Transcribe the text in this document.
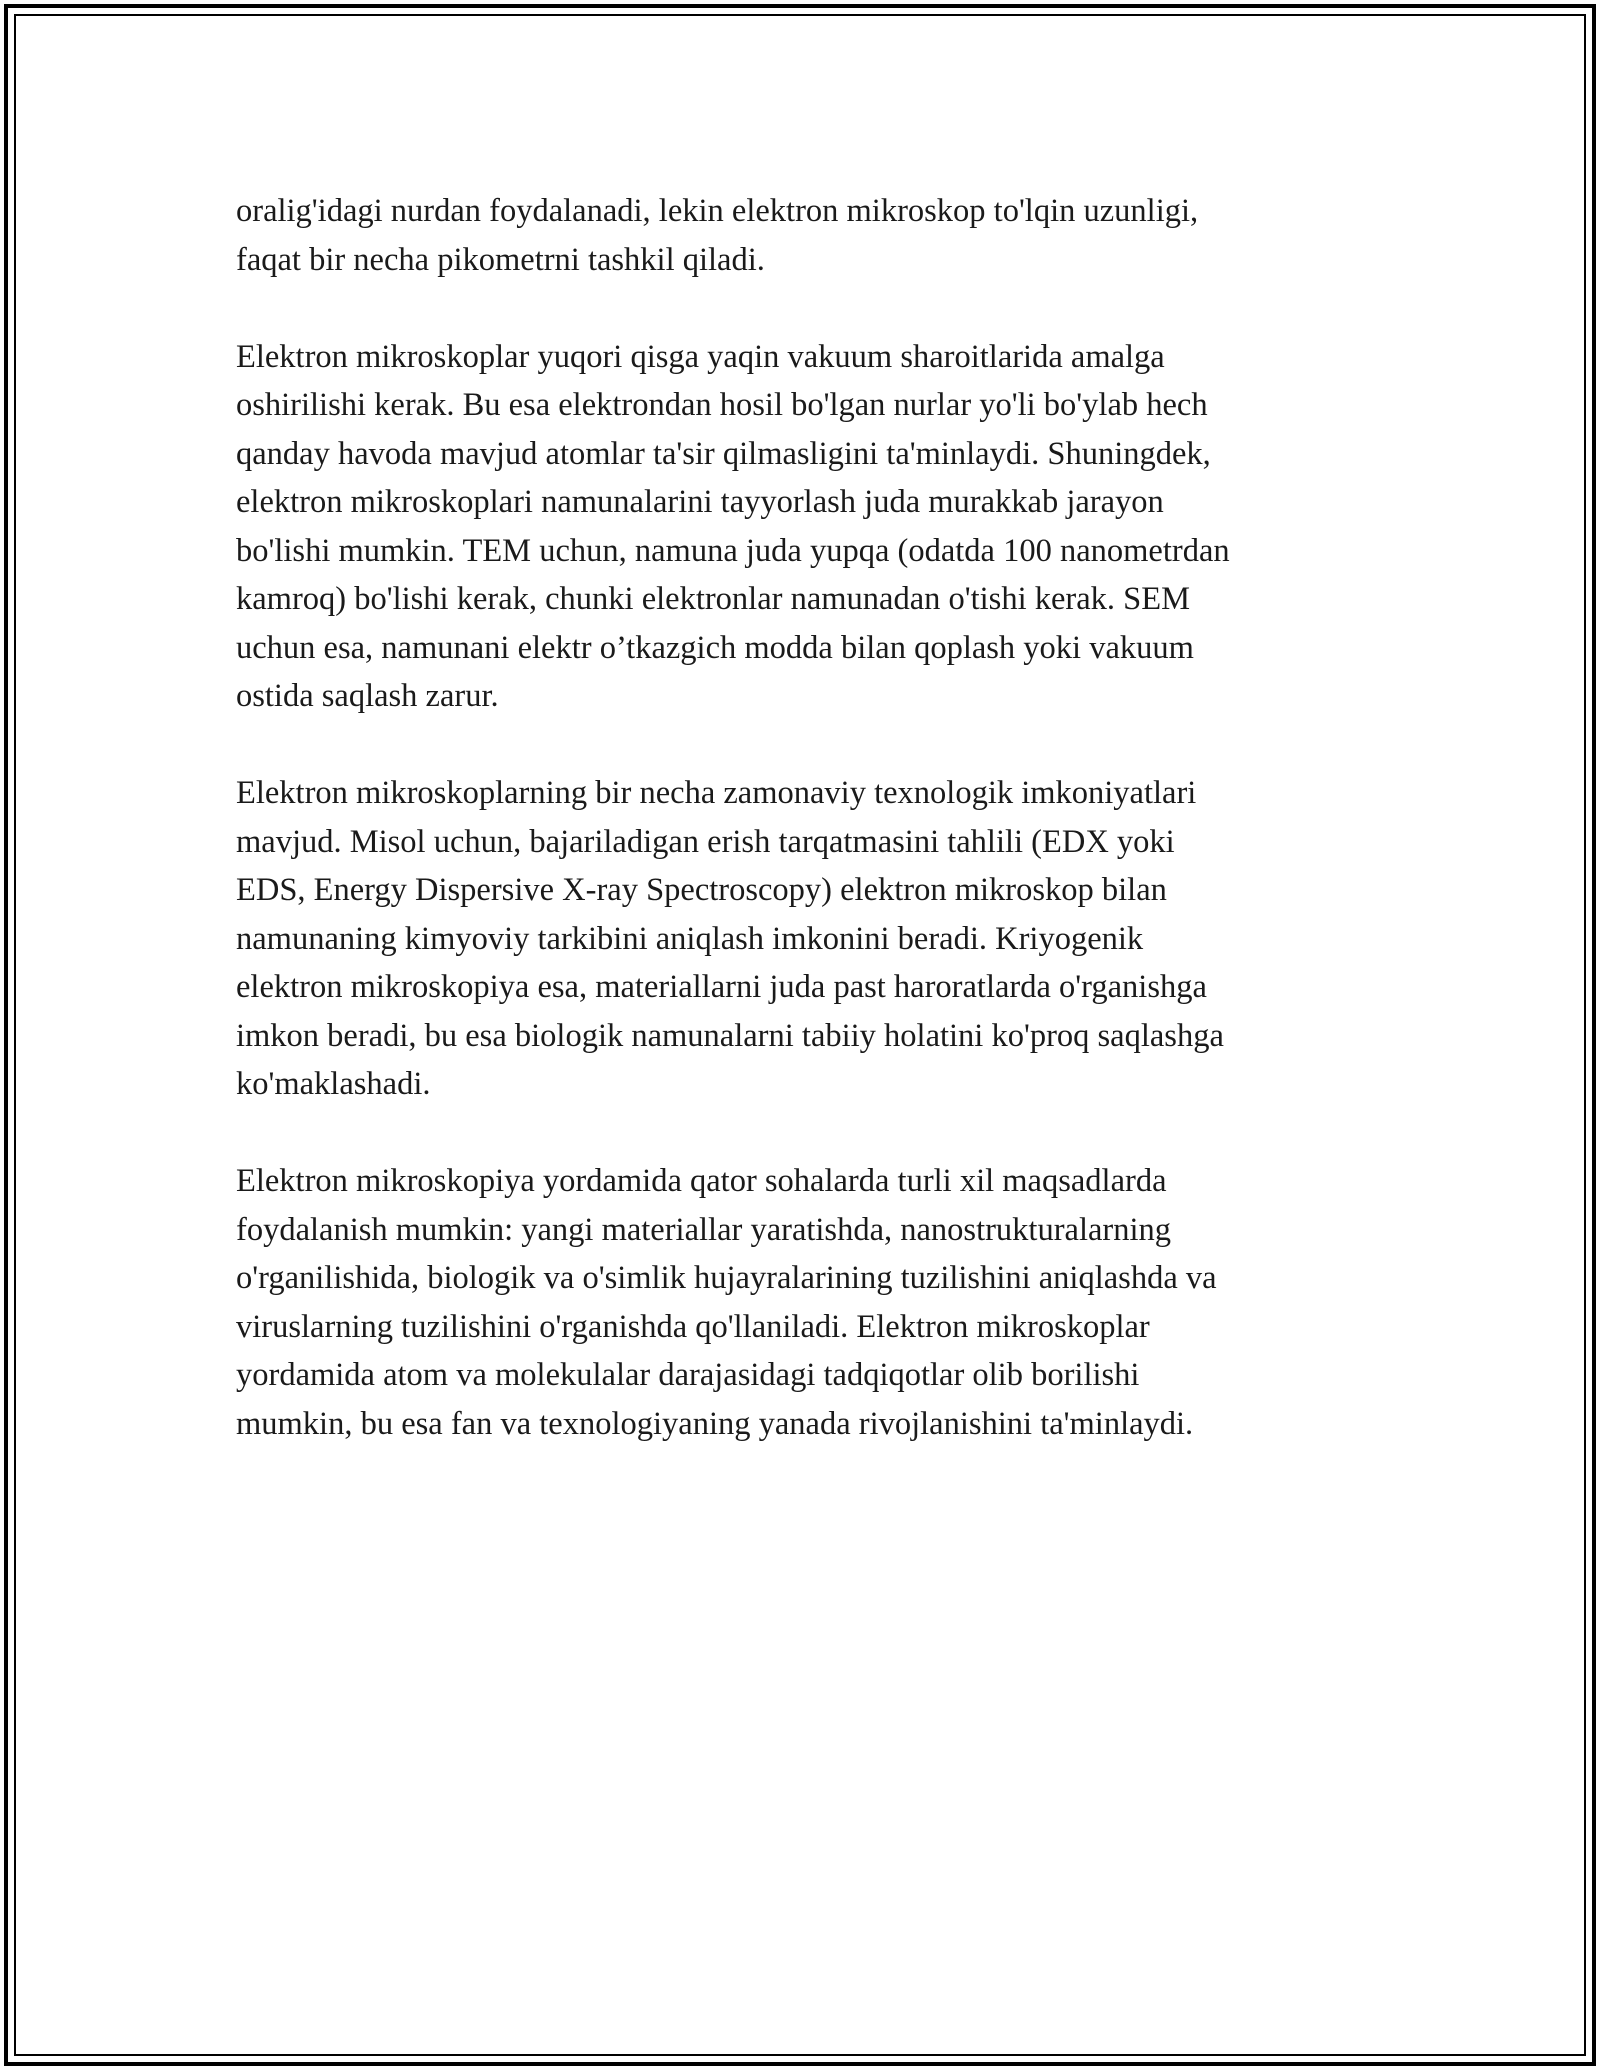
oralig'idagi nurdan foydalanadi, lekin elektron mikroskop to'lqin uzunligi,
faqat bir necha pikometrni tashkil qiladi.

Elektron mikroskoplar yuqori qisga yaqin vakuum sharoitlarida amalga
oshirilishi kerak. Bu esa elektrondan hosil bo'lgan nurlar yo'li bo'ylab hech
qanday havoda mavjud atomlar ta'sir qilmasligini ta'minlaydi. Shuningdek,
elektron mikroskoplari namunalarini tayyorlash juda murakkab jarayon
bo'lishi mumkin. TEM uchun, namuna juda yupqa (odatda 100 nanometrdan
kamroq) bo'lishi kerak, chunki elektronlar namunadan o'tishi kerak. SEM
uchun esa, namunani elektr o’tkazgich modda bilan qoplash yoki vakuum
ostida saqlash zarur.

Elektron mikroskoplarning bir necha zamonaviy texnologik imkoniyatlari
mavjud. Misol uchun, bajariladigan erish tarqatmasini tahlili (EDX yoki
EDS, Energy Dispersive X-ray Spectroscopy) elektron mikroskop bilan
namunaning kimyoviy tarkibini aniqlash imkonini beradi. Kriyogenik
elektron mikroskopiya esa, materiallarni juda past haroratlarda o'rganishga
imkon beradi, bu esa biologik namunalarni tabiiy holatini ko'proq saqlashga
ko'maklashadi.

Elektron mikroskopiya yordamida qator sohalarda turli xil maqsadlarda
foydalanish mumkin: yangi materiallar yaratishda, nanostrukturalarning
o'rganilishida, biologik va o'simlik hujayralarining tuzilishini aniqlashda va
viruslarning tuzilishini o'rganishda qo'llaniladi. Elektron mikroskoplar
yordamida atom va molekulalar darajasidagi tadqiqotlar olib borilishi
mumkin, bu esa fan va texnologiyaning yanada rivojlanishini ta'minlaydi.
